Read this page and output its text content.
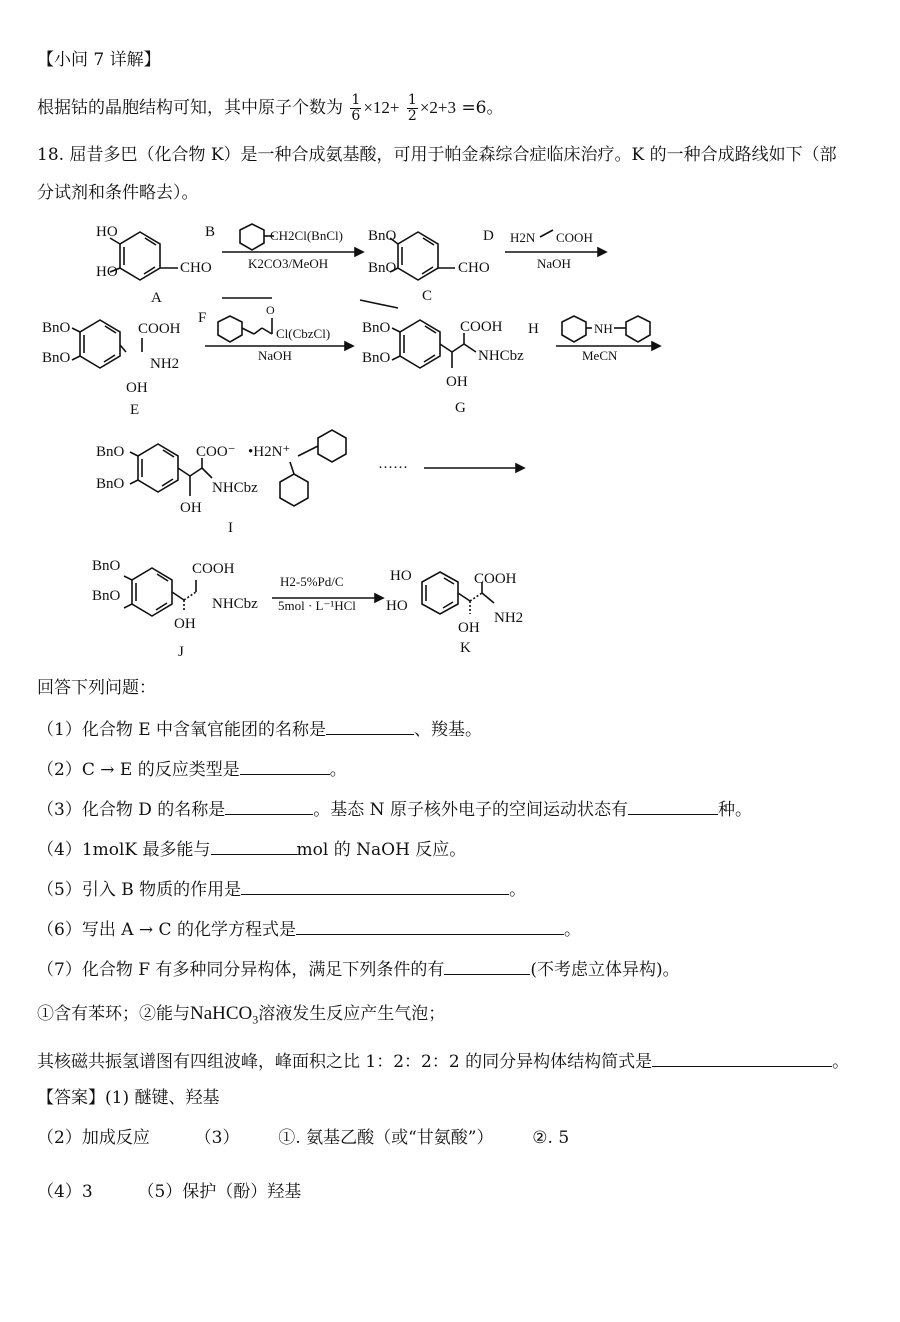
【小问 7 详解】
根据钴的晶胞结构可知，其中原子个数为 $\frac{1}{6} \times 12+ \frac{1}{2} \times 2+3 =6$。
18. 屈昔多巴（化合物 K）是一种合成氨基酸，可用于帕金森综合症临床治疗。K 的一种合成路线如下（部
分试剂和条件略去）。
HO
HO	CHO
A
B	CH2Cl(BnCl)
K2CO3/MeOH
BnO
BnO	CHO
C
D H2N COOH
NaOH
BnO
BnO
COOH
NH2
OH
E
F	O
Cl(CbzCl)
NaOH
BnO
BnO
COOH
NHCbz
OH
G
H	NH
MeCN
BnO
BnO
COO⁻
NHCbz
OH
•H2N⁺
I
······
BnO
BnO
COOH
NHCbz
OH
J
H2-5%Pd/C
5mol · L⁻¹HCl
HO
HO
COOH
NH2
OH
K
回答下列问题：
（1）化合物 E 中含氧官能团的名称是	、羧基。
（2）C → E 的反应类型是	。
（3）化合物 D 的名称是	。基态 N 原子核外电子的空间运动状态有	种。
（4）1molK 最多能与	mol 的 NaOH 反应。
（5）引入 B 物质的作用是	。
（6）写出 A → C 的化学方程式是	。
（7）化合物 F 有多种同分异构体，满足下列条件的有	(不考虑立体异构)。
①含有苯环；②能与NaHCO$_3$溶液发生反应产生气泡；
其核磁共振氢谱图有四组波峰，峰面积之比 1：2：2：2 的同分异构体结构简式是	。
【答案】(1) 醚键、羟基
（2）加成反应	（3） ①. 氨基乙酸（或“甘氨酸”） ②. 5
（4）3	（5）保护（酚）羟基
